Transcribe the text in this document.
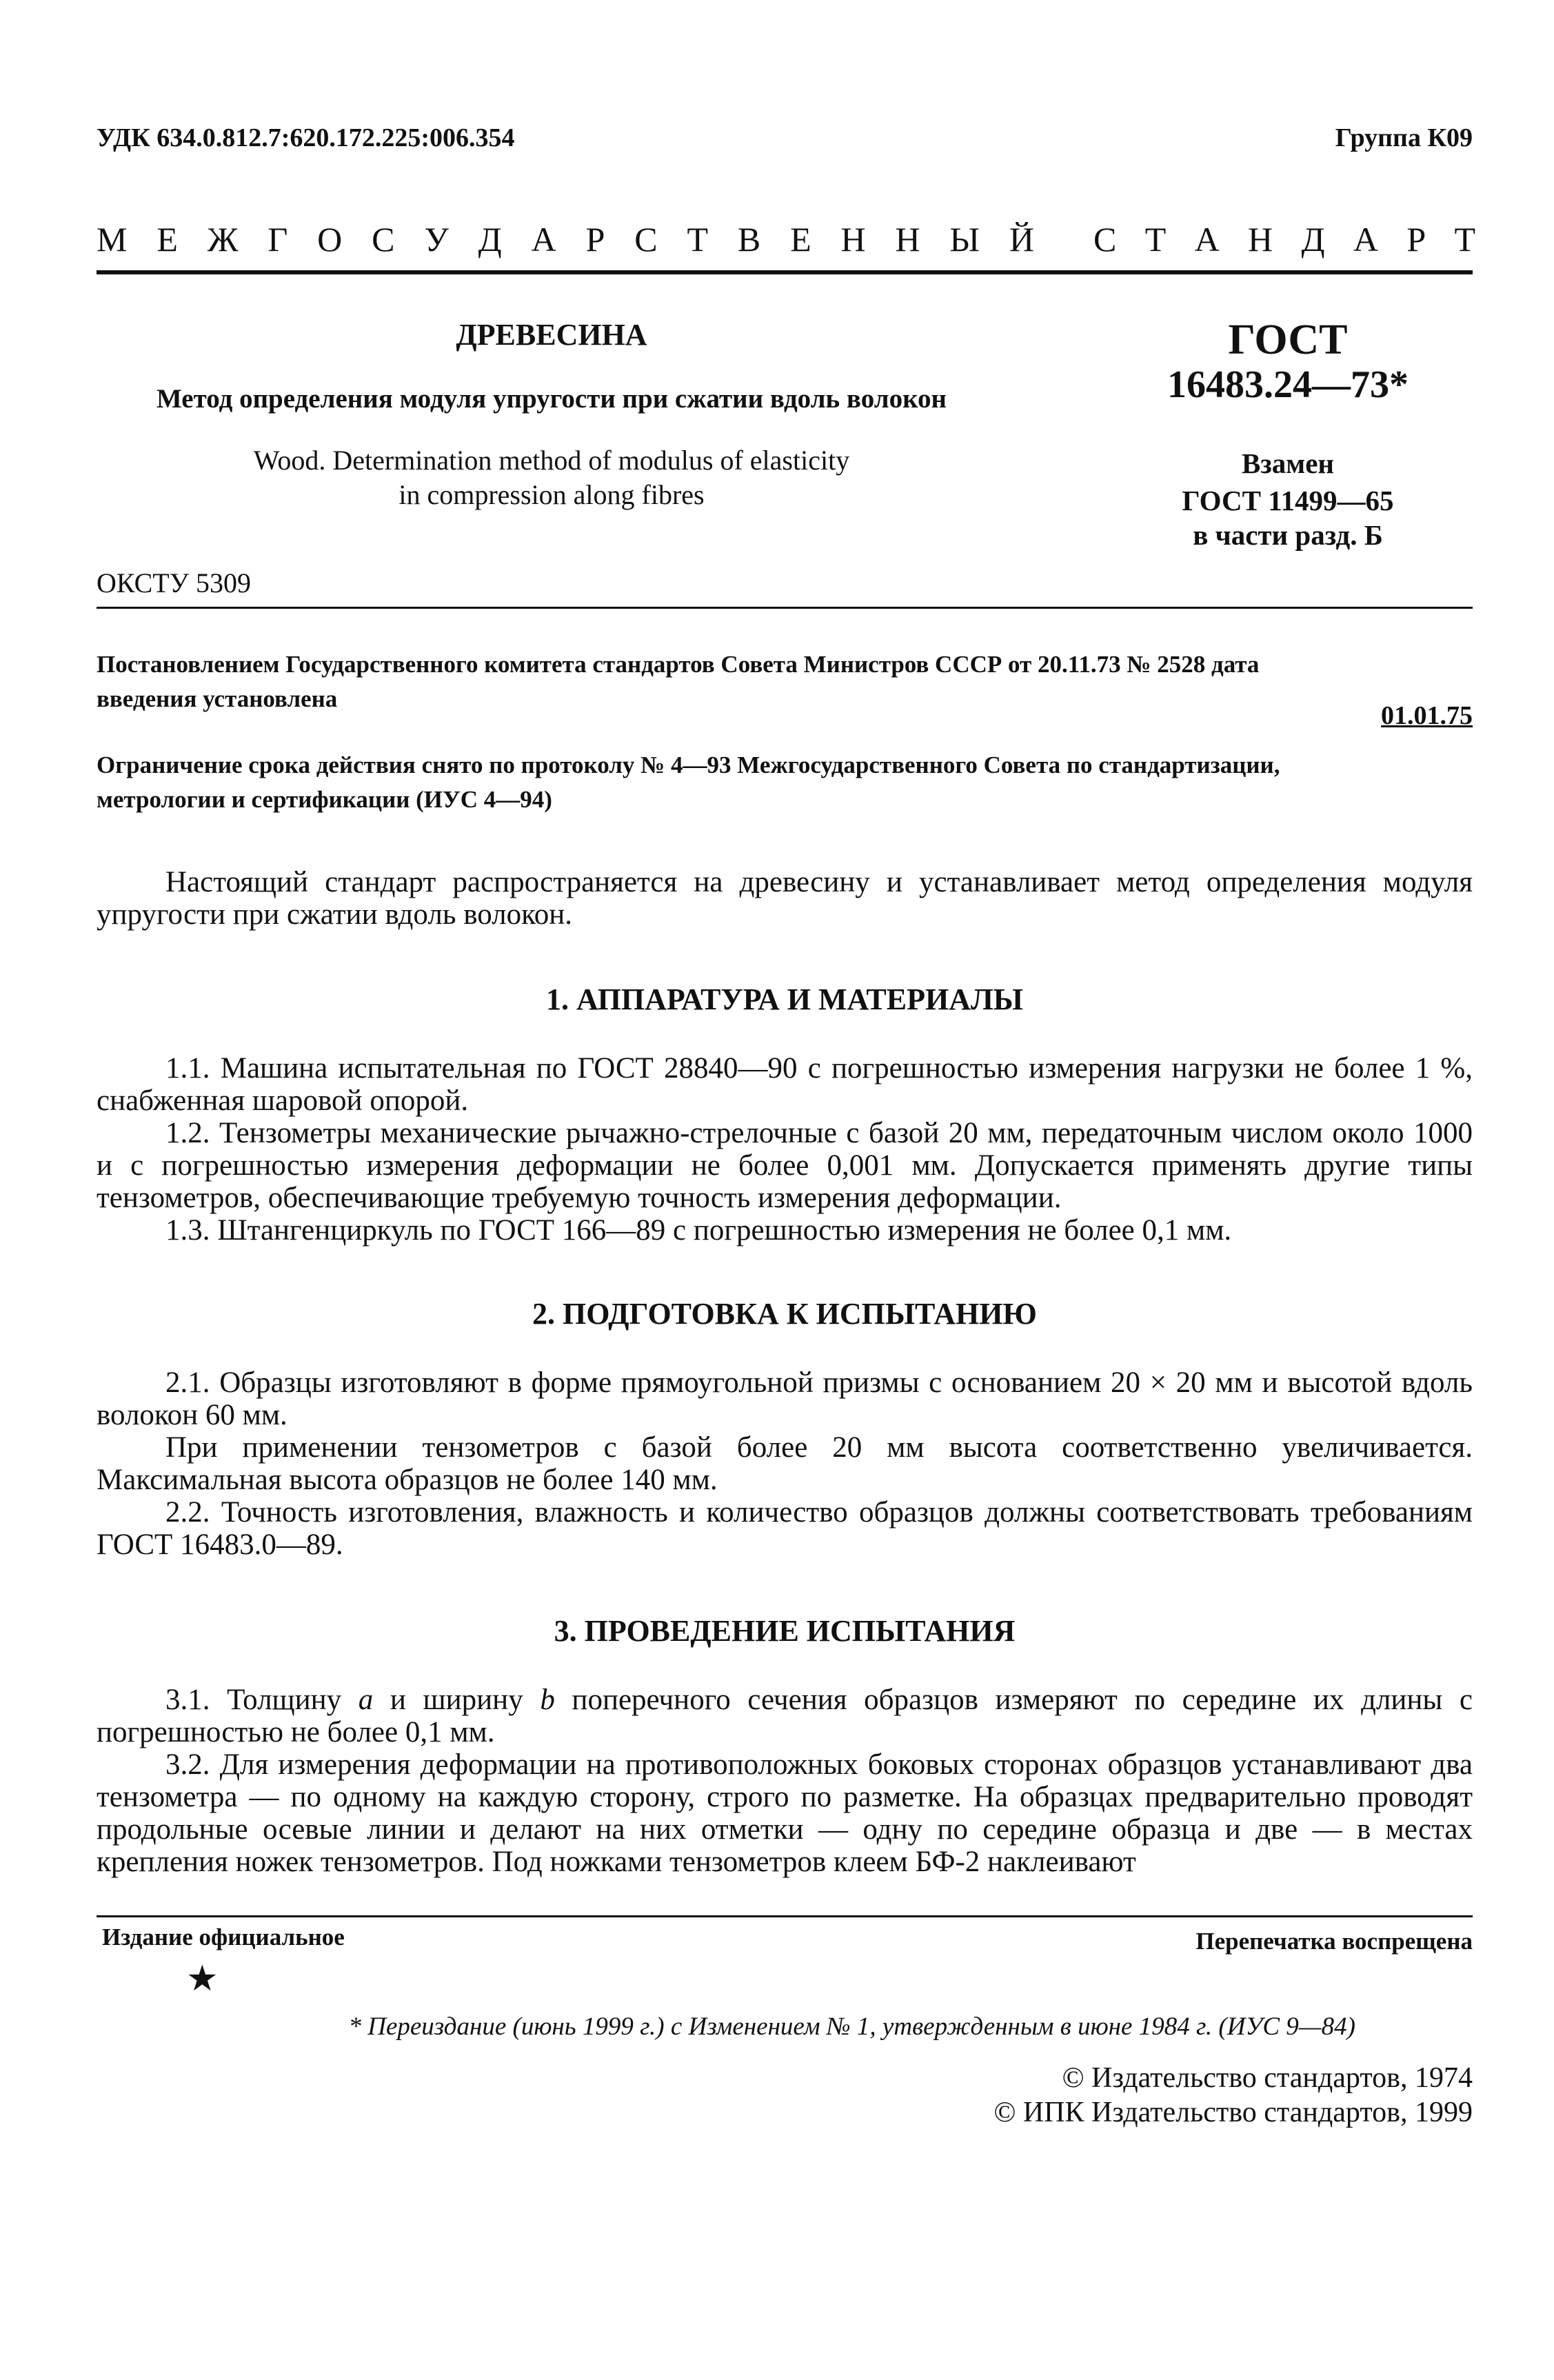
УДК 634.0.812.7:620.172.225:006.354	Группа К09
М Е Ж Г О С У Д А Р С Т В Е Н Н Ы Й С Т А Н Д А Р Т
ДРЕВЕСИНА
Метод определения модуля упругости при сжатии вдоль волокон
Wood. Determination method of modulus of elasticity
in compression along fibres
ГОСТ
16483.24—73*
Взамен
ГОСТ 11499—65
в части разд. Б
ОКСТУ 5309
Постановлением Государственного комитета стандартов Совета Министров СССР от 20.11.73 № 2528 дата
введения установлена
01.01.75
Ограничение срока действия снято по протоколу № 4—93 Межгосударственного Совета по стандартизации,
метрологии и сертификации (ИУС 4—94)

Настоящий стандарт распространяется на древесину и устанавливает метод определения модуля упругости при сжатии вдоль волокон.

1. АППАРАТУРА И МАТЕРИАЛЫ

1.1. Машина испытательная по ГОСТ 28840—90 с погрешностью измерения нагрузки не более 1 %, снабженная шаровой опорой.

1.2. Тензометры механические рычажно-стрелочные с базой 20 мм, передаточным числом около 1000 и с погрешностью измерения деформации не более 0,001 мм. Допускается применять другие типы тензометров, обеспечивающие требуемую точность измерения деформации.

1.3. Штангенциркуль по ГОСТ 166—89 с погрешностью измерения не более 0,1 мм.

2. ПОДГОТОВКА К ИСПЫТАНИЮ

2.1. Образцы изготовляют в форме прямоугольной призмы с основанием 20 × 20 мм и высотой вдоль волокон 60 мм.

При применении тензометров с базой более 20 мм высота соответственно увеличивается. Максимальная высота образцов не более 140 мм.

2.2. Точность изготовления, влажность и количество образцов должны соответствовать требованиям ГОСТ 16483.0—89.

3. ПРОВЕДЕНИЕ ИСПЫТАНИЯ

3.1. Толщину a и ширину b поперечного сечения образцов измеряют по середине их длины с погрешностью не более 0,1 мм.

3.2. Для измерения деформации на противоположных боковых сторонах образцов устанавливают два тензометра — по одному на каждую сторону, строго по разметке. На образцах предварительно проводят продольные осевые линии и делают на них отметки — одну по середине образца и две — в местах крепления ножек тензометров. Под ножками тензометров клеем БФ-2 наклеивают

Издание официальное	Перепечатка воспрещена
★
* Переиздание (июнь 1999 г.) с Изменением № 1, утвержденным в июне 1984 г. (ИУС 9—84)
© Издательство стандартов, 1974
© ИПК Издательство стандартов, 1999
